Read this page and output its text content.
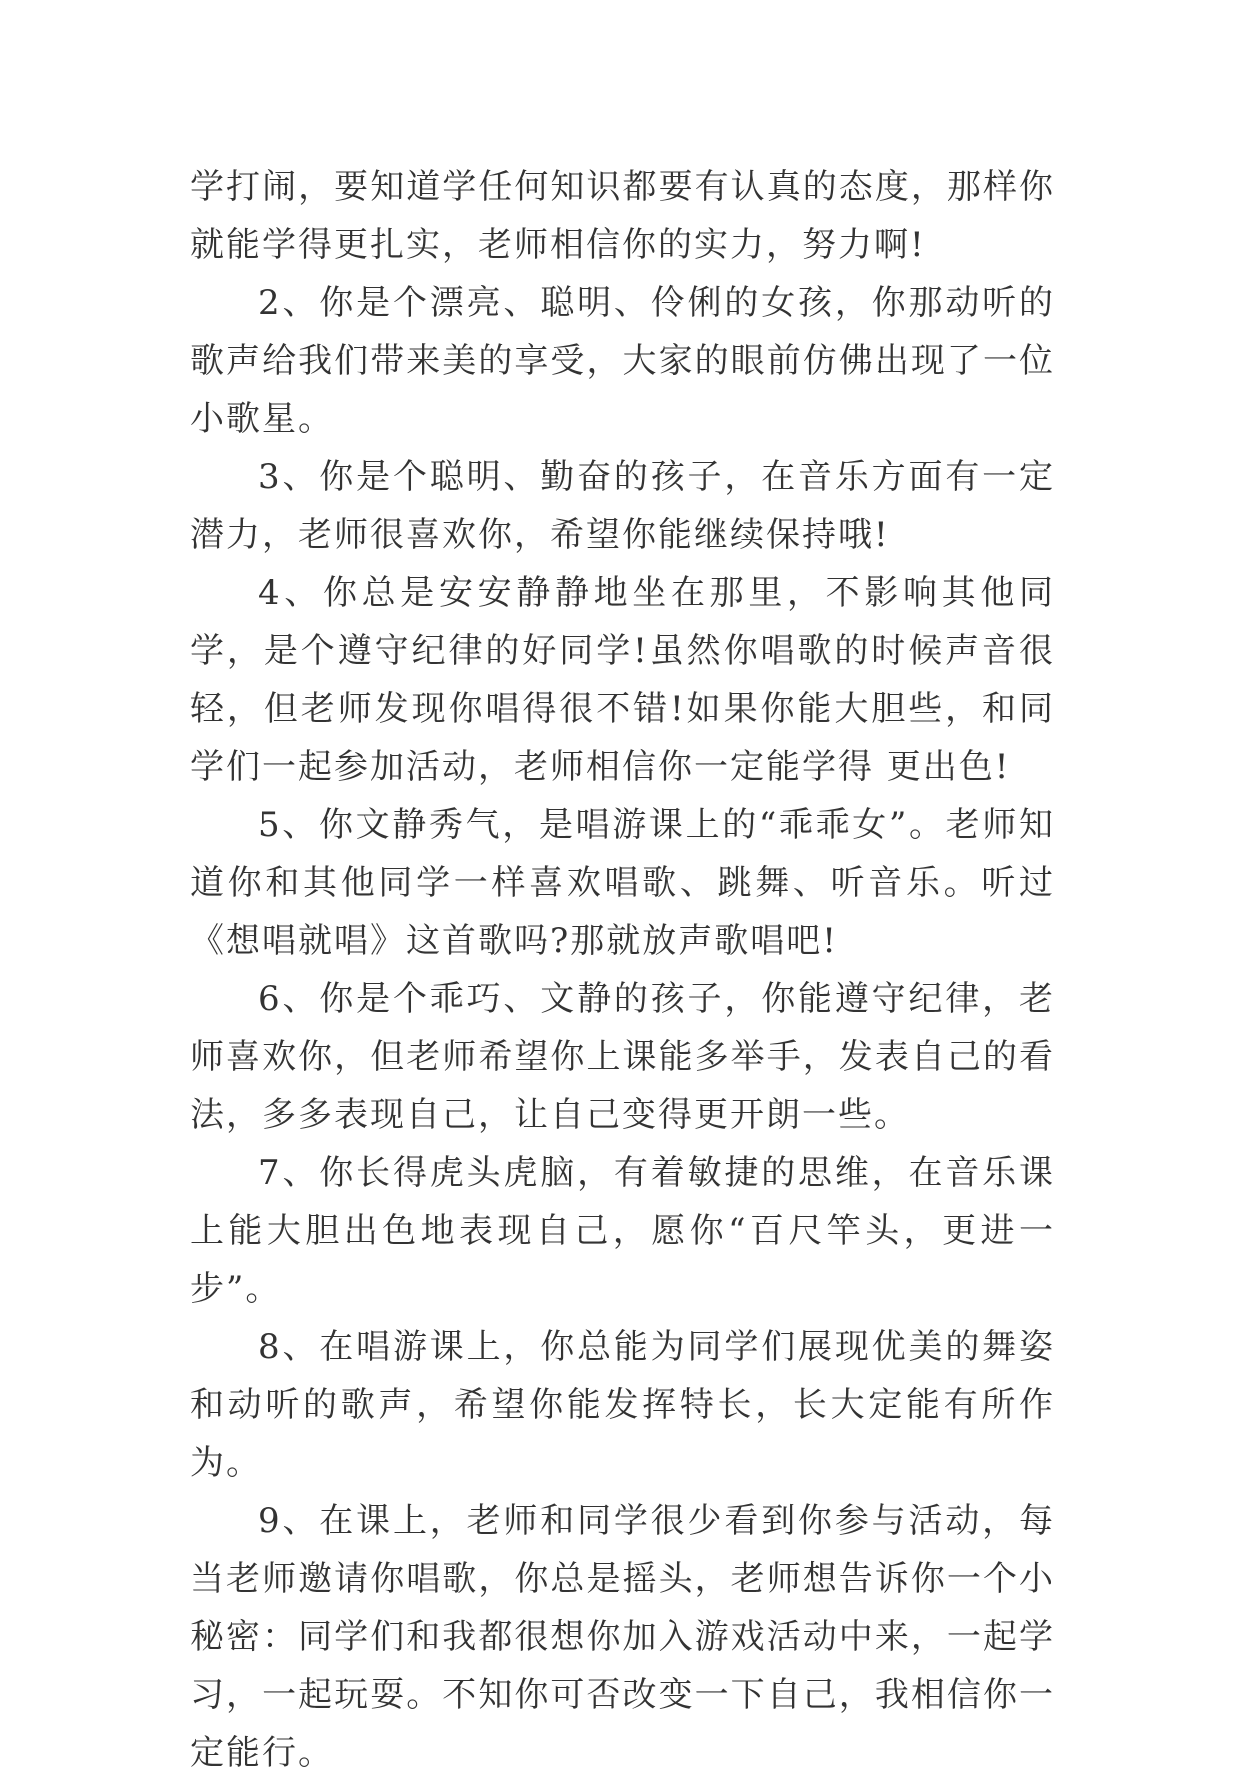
学打闹，要知道学任何知识都要有认真的态度，那样你就能学得更扎实，老师相信你的实力，努力啊!

2、你是个漂亮、聪明、伶俐的女孩，你那动听的歌声给我们带来美的享受，大家的眼前仿佛出现了一位小歌星。

3、你是个聪明、勤奋的孩子，在音乐方面有一定潜力，老师很喜欢你，希望你能继续保持哦!

4、你总是安安静静地坐在那里，不影响其他同学，是个遵守纪律的好同学!虽然你唱歌的时候声音很轻，但老师发现你唱得很不错!如果你能大胆些，和同学们一起参加活动，老师相信你一定能学得 更出色!

5、你文静秀气，是唱游课上的“乖乖女”。老师知道你和其他同学一样喜欢唱歌、跳舞、听音乐。听过《想唱就唱》这首歌吗?那就放声歌唱吧!

6、你是个乖巧、文静的孩子，你能遵守纪律，老师喜欢你，但老师希望你上课能多举手，发表自己的看法，多多表现自己，让自己变得更开朗一些。

7、你长得虎头虎脑，有着敏捷的思维，在音乐课上能大胆出色地表现自己，愿你“百尺竿头，更进一步”。

8、在唱游课上，你总能为同学们展现优美的舞姿和动听的歌声，希望你能发挥特长，长大定能有所作为。

9、在课上，老师和同学很少看到你参与活动，每当老师邀请你唱歌，你总是摇头，老师想告诉你一个小秘密：同学们和我都很想你加入游戏活动中来，一起学习，一起玩耍。不知你可否改变一下自己，我相信你一定能行。
